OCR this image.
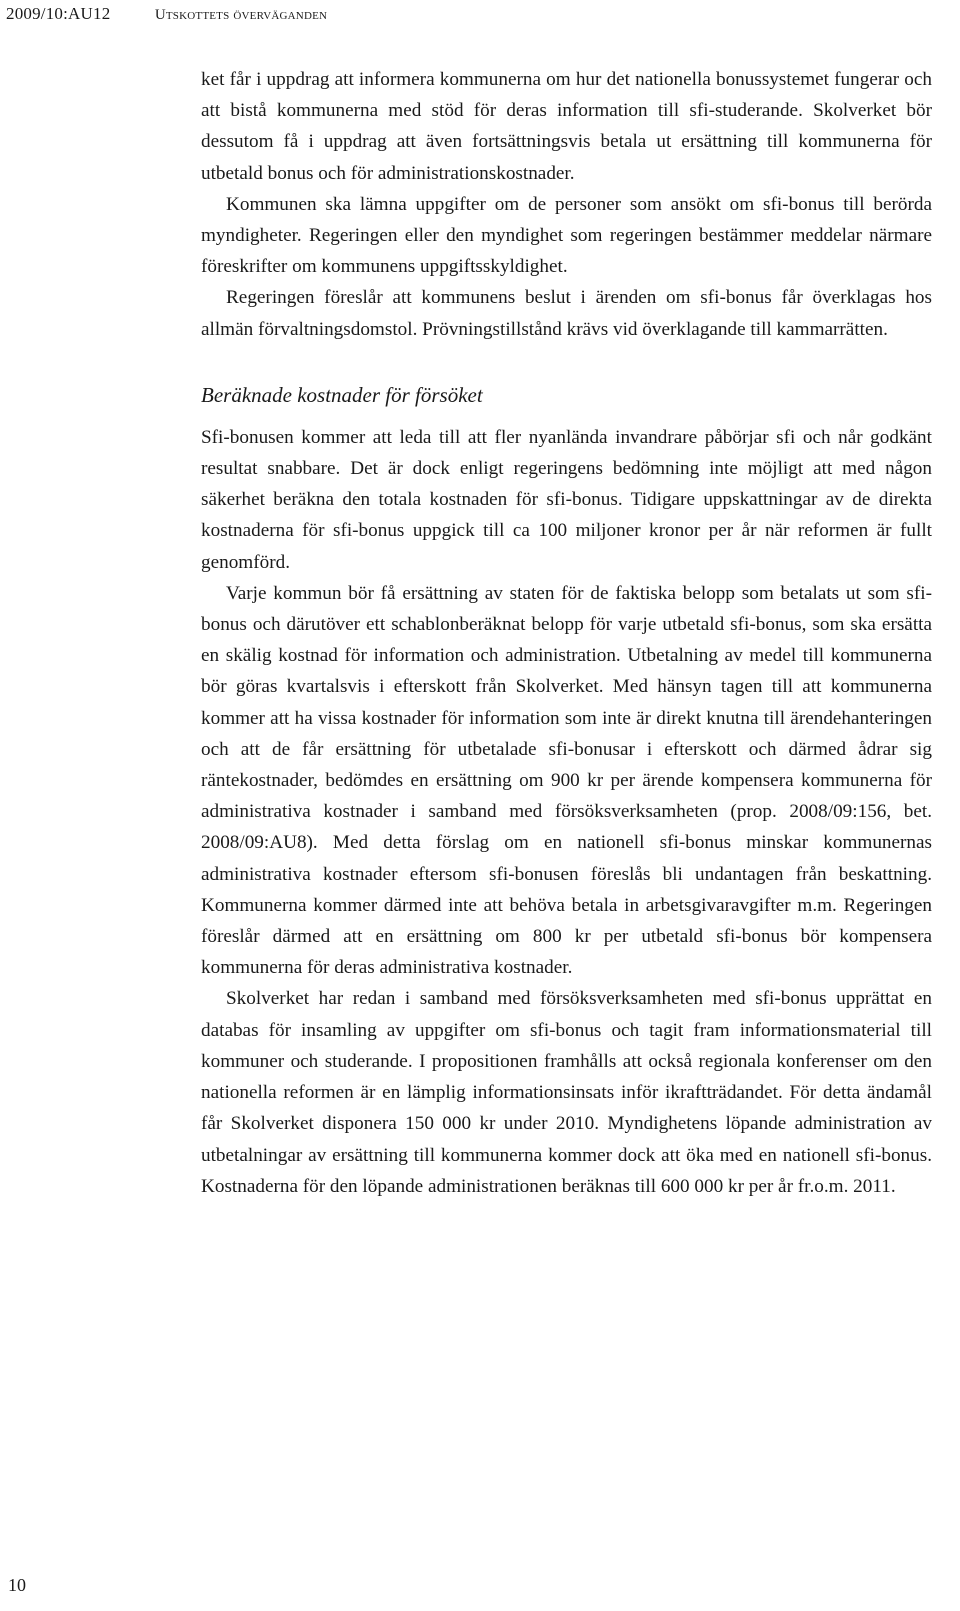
2009/10:AU12	Utskottets överväganden

ket får i uppdrag att informera kommunerna om hur det nationella bonussystemet fungerar och att bistå kommunerna med stöd för deras information till sfi-studerande. Skolverket bör dessutom få i uppdrag att även fortsättningsvis betala ut ersättning till kommunerna för utbetald bonus och för administrationskostnader.

Kommunen ska lämna uppgifter om de personer som ansökt om sfi-bonus till berörda myndigheter. Regeringen eller den myndighet som regeringen bestämmer meddelar närmare föreskrifter om kommunens uppgiftsskyldighet.

Regeringen föreslår att kommunens beslut i ärenden om sfi-bonus får överklagas hos allmän förvaltningsdomstol. Prövningstillstånd krävs vid överklagande till kammarrätten.

Beräknade kostnader för försöket

Sfi-bonusen kommer att leda till att fler nyanlända invandrare påbörjar sfi och når godkänt resultat snabbare. Det är dock enligt regeringens bedömning inte möjligt att med någon säkerhet beräkna den totala kostnaden för sfi-bonus. Tidigare uppskattningar av de direkta kostnaderna för sfi-bonus uppgick till ca 100 miljoner kronor per år när reformen är fullt genomförd.

Varje kommun bör få ersättning av staten för de faktiska belopp som betalats ut som sfi-bonus och därutöver ett schablonberäknat belopp för varje utbetald sfi-bonus, som ska ersätta en skälig kostnad för information och administration. Utbetalning av medel till kommunerna bör göras kvartalsvis i efterskott från Skolverket. Med hänsyn tagen till att kommunerna kommer att ha vissa kostnader för information som inte är direkt knutna till ärendehanteringen och att de får ersättning för utbetalade sfi-bonusar i efterskott och därmed ådrar sig räntekostnader, bedömdes en ersättning om 900 kr per ärende kompensera kommunerna för administrativa kostnader i samband med försöksverksamheten (prop. 2008/09:156, bet. 2008/09:​AU8). Med detta förslag om en nationell sfi-bonus minskar kommunernas administrativa kostnader eftersom sfi-bonusen föreslås bli undantagen från beskattning. Kommunerna kommer därmed inte att behöva betala in arbetsgivaravgifter m.m. Regeringen föreslår därmed att en ersättning om 800 kr per utbetald sfi-bonus bör kompensera kommunerna för deras administrativa kostnader.

Skolverket har redan i samband med försöksverksamheten med sfi-bonus upprättat en databas för insamling av uppgifter om sfi-bonus och tagit fram informationsmaterial till kommuner och studerande. I propositionen framhålls att också regionala konferenser om den nationella reformen är en lämplig informationsinsats inför ikraftträdandet. För detta ändamål får Skolverket disponera 150 000 kr under 2010. Myndighetens löpande administration av utbetalningar av ersättning till kommunerna kommer dock att öka med en nationell sfi-bonus. Kostnaderna för den löpande administrationen beräknas till 600 000 kr per år fr.o.m. 2011.

10
